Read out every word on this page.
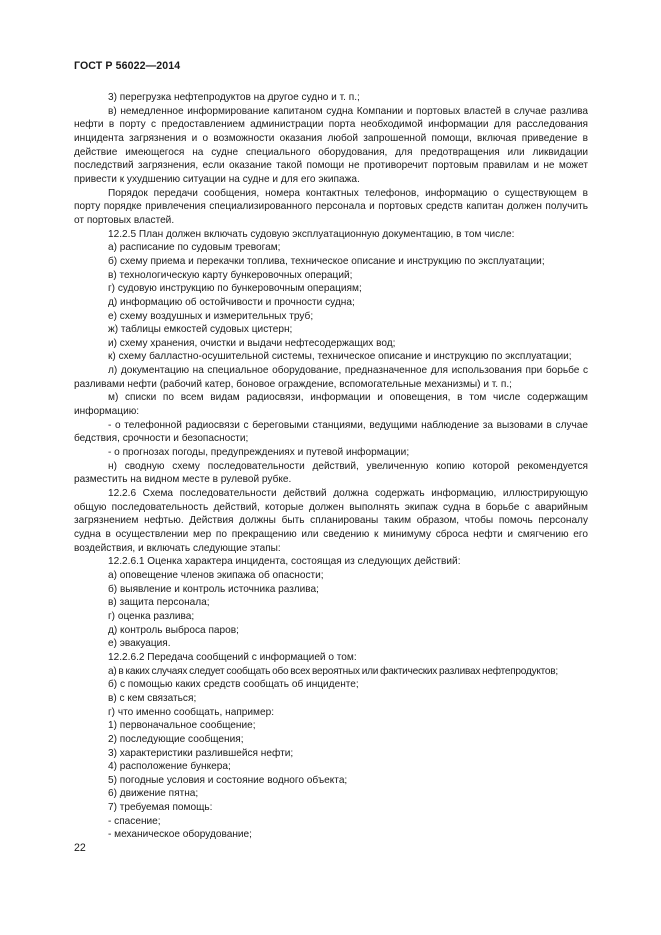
ГОСТ Р 56022—2014

3) перегрузка нефтепродуктов на другое судно и т. п.;

в) немедленное информирование капитаном судна Компании и портовых властей в случае разлива нефти в порту с предоставлением администрации порта необходимой информации для расследования инцидента загрязнения и о возможности оказания любой запрошенной помощи, включая приведение в действие имеющегося на судне специального оборудования, для предотвращения или ликвидации последствий загрязнения, если оказание такой помощи не противоречит портовым правилам и не может привести к ухудшению ситуации на судне и для его экипажа.

Порядок передачи сообщения, номера контактных телефонов, информацию о существующем в порту порядке привлечения специализированного персонала и портовых средств капитан должен получить от портовых властей.

12.2.5 План должен включать судовую эксплуатационную документацию, в том числе:

а) расписание по судовым тревогам;

б) схему приема и перекачки топлива, техническое описание и инструкцию по эксплуатации;

в) технологическую карту бункеровочных операций;

г) судовую инструкцию по бункеровочным операциям;

д) информацию об остойчивости и прочности судна;

е) схему воздушных и измерительных труб;

ж) таблицы емкостей судовых цистерн;

и) схему хранения, очистки и выдачи нефтесодержащих вод;

к) схему балластно-осушительной системы, техническое описание и инструкцию по эксплуатации;

л) документацию на специальное оборудование, предназначенное для использования при борьбе с разливами нефти (рабочий катер, боновое ограждение, вспомогательные механизмы) и т. п.;

м) списки по всем видам радиосвязи, информации и оповещения, в том числе содержащим информацию:

- о телефонной радиосвязи с береговыми станциями, ведущими наблюдение за вызовами в случае бедствия, срочности и безопасности;

- о прогнозах погоды, предупреждениях и путевой информации;

н) сводную схему последовательности действий, увеличенную копию которой рекомендуется разместить на видном месте в рулевой рубке.

12.2.6 Схема последовательности действий должна содержать информацию, иллюстрирующую общую последовательность действий, которые должен выполнять экипаж судна в борьбе с аварийным загрязнением нефтью. Действия должны быть спланированы таким образом, чтобы помочь персоналу судна в осуществлении мер по прекращению или сведению к минимуму сброса нефти и смягчению его воздействия, и включать следующие этапы:

12.2.6.1 Оценка характера инцидента, состоящая из следующих действий:

а) оповещение членов экипажа об опасности;

б) выявление и контроль источника разлива;

в) защита персонала;

г) оценка разлива;

д) контроль выброса паров;

е) эвакуация.

12.2.6.2 Передача сообщений с информацией о том:

а) в каких случаях следует сообщать обо всех вероятных или фактических разливах нефтепродуктов;

б) с помощью каких средств сообщать об инциденте;

в) с кем связаться;

г) что именно сообщать, например:

1) первоначальное сообщение;

2) последующие сообщения;

3) характеристики разлившейся нефти;

4) расположение бункера;

5) погодные условия и состояние водного объекта;

6) движение пятна;

7) требуемая помощь:

- спасение;

- механическое оборудование;

22
